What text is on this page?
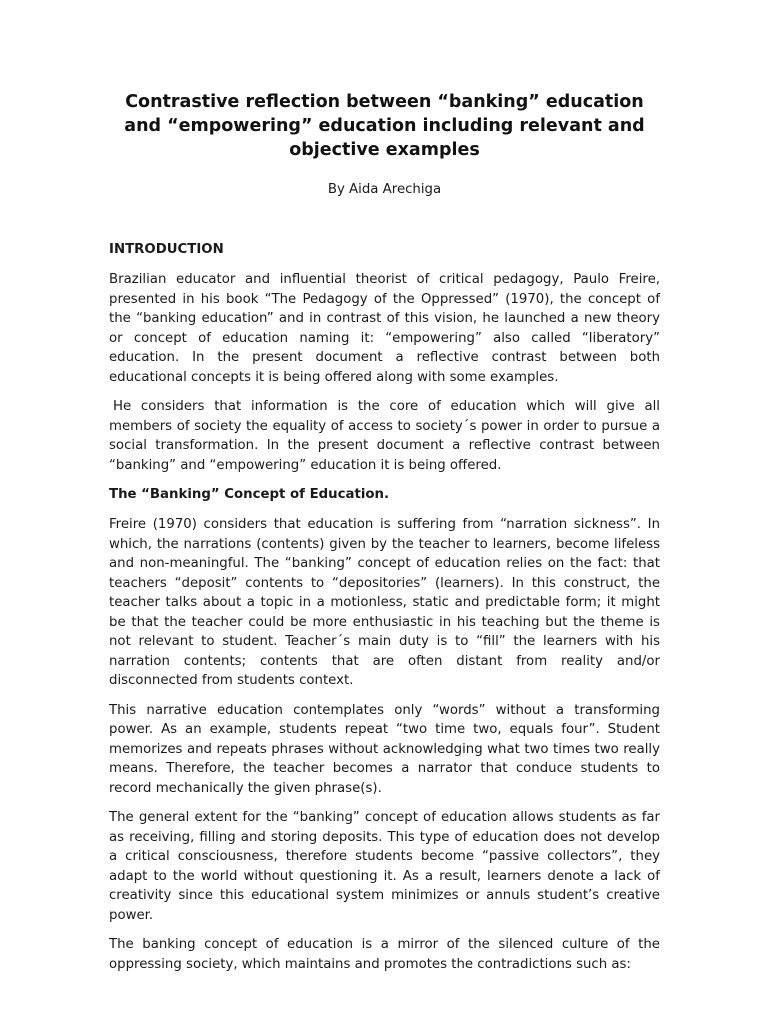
Contrastive reflection between “banking” education and “empowering” education including relevant and objective examples
By Aida Arechiga
INTRODUCTION

Brazilian educator and influential theorist of critical pedagogy, Paulo Freire, presented in his book “The Pedagogy of the Oppressed” (1970), the concept of the “banking education” and in contrast of this vision, he launched a new theory or concept of education naming it: “empowering” also called “liberatory” education. In the present document a reflective contrast between both educational concepts it is being offered along with some examples.

He considers that information is the core of education which will give all members of society the equality of access to society´s power in order to pursue a social transformation. In the present document a reflective contrast between “banking” and “empowering” education it is being offered.

The “Banking” Concept of Education.

Freire (1970) considers that education is suffering from “narration sickness”. In which, the narrations (contents) given by the teacher to learners, become lifeless and non-meaningful. The “banking” concept of education relies on the fact: that teachers “deposit” contents to “depositories” (learners). In this construct, the teacher talks about a topic in a motionless, static and predictable form; it might be that the teacher could be more enthusiastic in his teaching but the theme is not relevant to student. Teacher´s main duty is to “fill” the learners with his narration contents; contents that are often distant from reality and/or disconnected from students context.

This narrative education contemplates only “words” without a transforming power. As an example, students repeat “two time two, equals four”. Student memorizes and repeats phrases without acknowledging what two times two really means. Therefore, the teacher becomes a narrator that conduce students to record mechanically the given phrase(s).

The general extent for the “banking” concept of education allows students as far as receiving, filling and storing deposits. This type of education does not develop a critical consciousness, therefore students become “passive collectors”, they adapt to the world without questioning it. As a result, learners denote a lack of creativity since this educational system minimizes or annuls student’s creative power.

The banking concept of education is a mirror of the silenced culture of the oppressing society, which maintains and promotes the contradictions such as:
